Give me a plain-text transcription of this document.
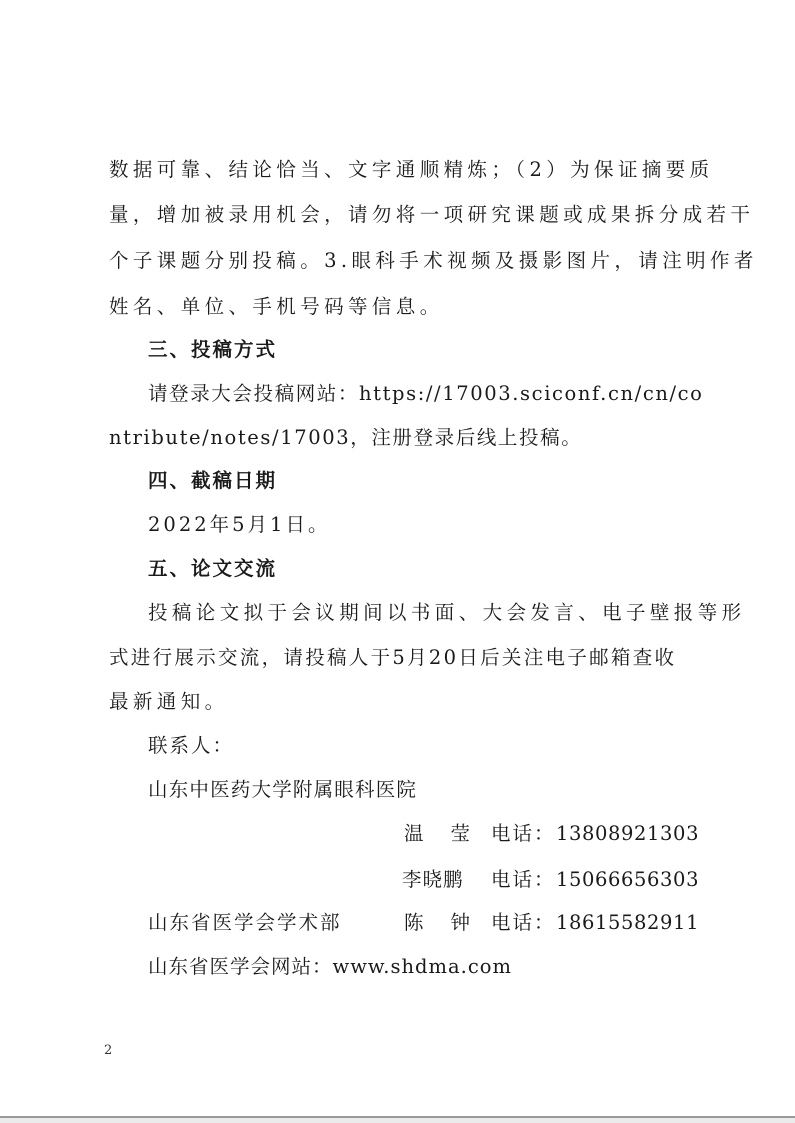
数据可靠、结论恰当、文字通顺精炼；（2）为保证摘要质
量，增加被录用机会，请勿将一项研究课题或成果拆分成若干
个子课题分别投稿。3.眼科手术视频及摄影图片，请注明作者
姓名、单位、手机号码等信息。
三、投稿方式
请登录大会投稿网站：https://17003.sciconf.cn/cn/co
ntribute/notes/17003，注册登录后线上投稿。
四、截稿日期
2022年5月1日。
五、论文交流
投稿论文拟于会议期间以书面、大会发言、电子壁报等形
式进行展示交流，请投稿人于5月20日后关注电子邮箱查收
最新通知。
联系人：
山东中医药大学附属眼科医院
温 莹 电话： 13808921303
李晓鹏 电话： 15066656303
山东省医学会学术部	陈 钟 电话： 18615582911
山东省医学会网站：www.shdma.com
2
